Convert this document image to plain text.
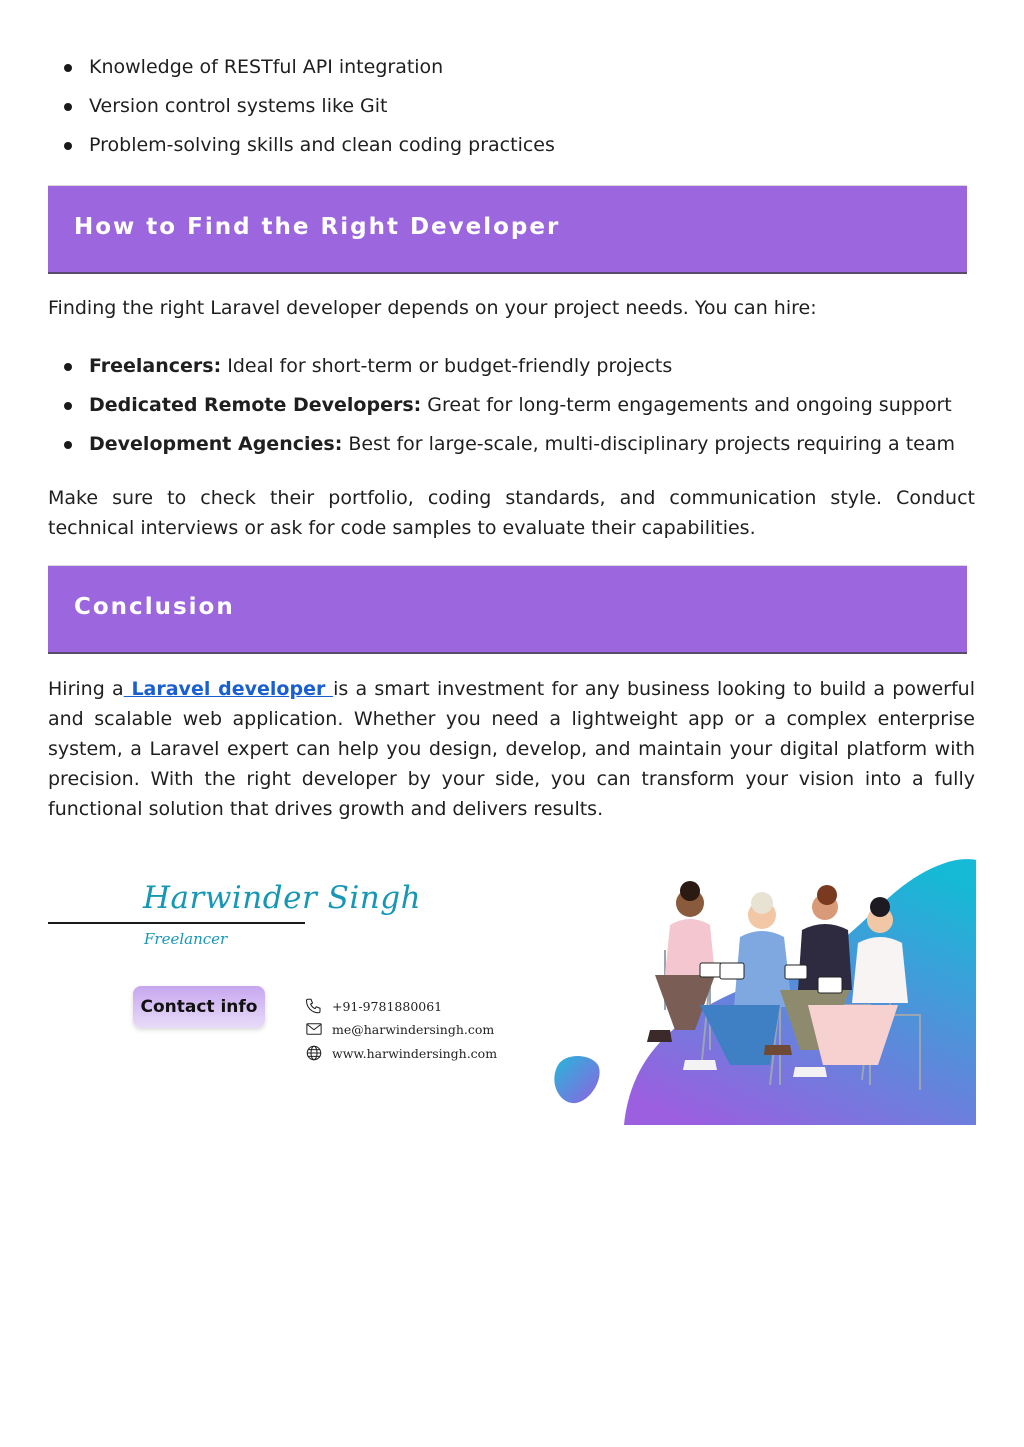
Knowledge of RESTful API integration
Version control systems like Git
Problem-solving skills and clean coding practices
How to Find the Right Developer
Finding the right Laravel developer depends on your project needs. You can hire:
Freelancers: Ideal for short-term or budget-friendly projects
Dedicated Remote Developers: Great for long-term engagements and ongoing support
Development Agencies: Best for large-scale, multi-disciplinary projects requiring a team
Make sure to check their portfolio, coding standards, and communication style. Conduct technical interviews or ask for code samples to evaluate their capabilities.
Conclusion
Hiring a Laravel developer is a smart investment for any business looking to build a powerful and scalable web application. Whether you need a lightweight app or a complex enterprise system, a Laravel expert can help you design, develop, and maintain your digital platform with precision. With the right developer by your side, you can transform your vision into a fully functional solution that drives growth and delivers results.
Harwinder Singh
Freelancer
Contact info	+91-9781880061
me@harwindersingh.com
www.harwindersingh.com
